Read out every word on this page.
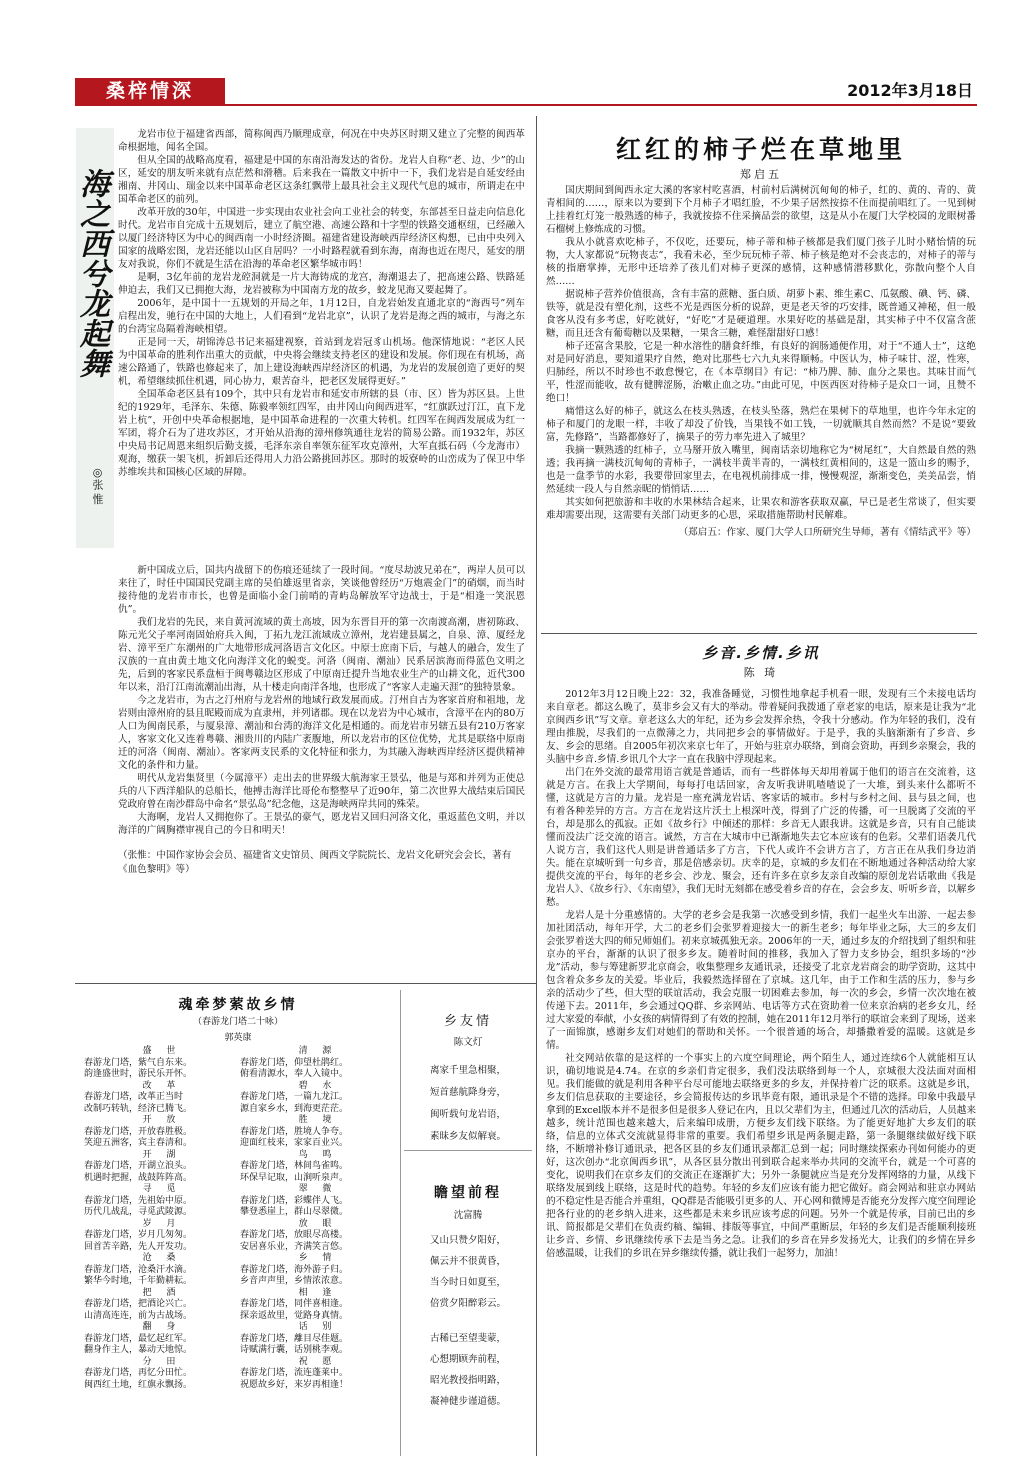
桑梓情深	2012年3月18日
海之西兮龙起舞
◎张 惟

龙岩市位于福建省西部，简称闽西乃顺理成章，何况在中央苏区时期又建立了完整的闽西革命根据地，闻名全国。

但从全国的战略高度看，福建是中国的东南沿海发达的省份。龙岩人自称“老、边、少”的山区，延安的朋友听来就有点茫然和滑稽。后来我在一篇散文中折中一下，我们龙岩是自延安经由湘南、井冈山、瑞金以来中国革命老区这条红飘带上最具社会主义现代气息的城市，所谓走在中国革命老区的前列。

改革开放的30年，中国进一步实现由农业社会向工业社会的转变，东部甚至日益走向信息化时代。龙岩市自完成十五规划后，建立了航空港、高速公路和十字型的铁路交通枢纽，已经融入以厦门经济特区为中心的闽西南一小时经济圈。福建省建设海峡西岸经济区构想，已由中央列入国家的战略宏图，龙岩还能以山区自居吗？一小时路程就看到东海，南海也近在咫尺，延安的朋友对我说，你们不就是生活在沿海的革命老区繁华城市吗！

是啊，3亿年前的龙岩龙硿洞就是一片大海铸成的龙宫，海潮退去了，把高速公路、铁路延伸迫去，我们又已拥抱大海，龙岩被称为中国南方龙的故乡，蛟龙见海又要起舞了。

2006年，是中国十一五规划的开局之年，1月12日，自龙岩始发直通北京的“海西号”列车启程出发，驰行在中国的大地上，人们看到“龙岩北京”，认识了龙岩是海之西的城市，与海之东的台湾宝岛隔着海峡相望。

正是同一天，胡锦涛总书记来福建视察，首站到龙岩冠豸山机场。他深情地说：“老区人民为中国革命的胜利作出重大的贡献，中央将会继续支持老区的建设和发展。你们现在有机场，高速公路通了，铁路也修起来了，加上建设海峡西岸经济区的机遇，为龙岩的发展创造了更好的契机，希望继续抓住机遇，同心协力，艰苦奋斗，把老区发展得更好。”

全国革命老区县有109个，其中只有龙岩市和延安市所辖的县（市、区）皆为苏区县。上世纪的1929年，毛泽东、朱德、陈毅率领红四军，由井冈山向闽西进军，“红旗跃过汀江，直下龙岩上杭”，开创中央革命根据地，是中国革命进程的一次重大转机。红四军在闽西发展成为红一军团，将介石为了进攻苏区，才开始从沿海的漳州修筑通往龙岩的简易公路。而1932年，苏区中央局书记周恩来组织后勤支援，毛泽东亲自率领东征军攻克漳州，大军直抵石码（今龙海市）观海，缴获一架飞机，折卸后还得用人力沿公路挑回苏区。那时的坂寮岭的山峦成为了保卫中华苏维埃共和国核心区域的屏障。

新中国成立后，国共内战留下的伤痕还延续了一段时间。“度尽劫波兄弟在”，两岸人员可以来往了，时任中国国民党副主席的吴伯雄返里省亲，笑谈他曾经历“万炮震金门”的硝烟，而当时接待他的龙岩市市长，也曾是面临小金门前哨的青屿岛解放军守边战士，于是“相逢一笑泯恩仇”。

我们龙岩的先民，来自黄河流域的黄土高坡，因为东晋目开的第一次南渡高潮，唐初陈政、陈元光父子率河南固始府兵入闽，丁拓九龙江流域成立漳州，龙岩建县属之，自泉、漳、厦经龙岩、漳平至广东潮州的广大地带形成河洛语言文化区。中原士庶南下后，与越人的融合，发生了汉族的一直由黄土地文化向海洋文化的蜕变。河洛（闽南、潮汕）民系居滨海而得蓝色文明之先，后到的客家民系盘桓于闽粤赣边区形成了中原南迁提升当地农业生产的山耕文化，近代300年以来，沿汀江南流潮汕出海，从十楼走向南洋各地，也形成了“客家人走遍天涯”的独特景象。

今之龙岩市，为古之汀州府与龙岩州的地域行政发展而成。汀州自古为客家首府和祖地，龙岩则由漳州府的县且昵殿而成为直隶州，并列诸郡。现在以龙岩为中心城市，含漳平在内的80万人口为闽南民系，与厦泉漳、潮汕和台湾的海洋文化是相通的。而龙岩市另辖五县有210万客家人，客家文化又连着粤赣、湘贵川的内陆广袤腹地，所以龙岩市的区位优势，尤其是联络中原南迁的河洛（闽南、潮汕）。客家两支民系的文化特征和张力，为其融入海峡西岸经济区提供精神文化的条件和力量。

明代从龙岩集贤里（今属漳平）走出去的世界级大航海家王景弘，他是与郑和并列为正使总兵的八下西洋船队的总船长，他搏击海洋比哥伦布整整早了近90年，第二次世界大战结束后国民党政府曾在南沙群岛中命名“景弘岛”纪念他，这是海峡两岸共同的殊荣。

大海啊，龙岩人又拥抱你了。王景弘的豪气，愿龙岩又回归河洛文化，重返蓝色文明，并以海洋的广阔胸襟审视自己的今日和明天！

（张惟：中国作家协会会员、福建省文史馆员、闽西文学院院长、龙岩文化研究会会长，著有《血色黎明》等）

红红的柿子烂在草地里
郑启五

国庆期间到闽西永定大溪的客家村吃喜酒，村前村后满树沉甸甸的柿子，红的、黄的、青的、黄青相间的……，原来以为要到下个月柿子才唱红脸，不少果子居然按捺不住而提前唱红了。一见到树上挂着红灯笼一般熟透的柿子，我就按捺不住采摘品尝的欲望，这是从小在厦门大学校园的龙眼树番石榴树上修炼成的习惯。

我从小就喜欢吃柿子，不仅吃，还要玩，柿子蒂和柿子核都是我们厦门孩子儿时小赌怡情的玩物，大人家都说“玩物丧志”，我看未必，至少玩玩柿子蒂、柿子核是绝对不会丧志的，对柿子的蒂与核的指磨掌捧，无形中还培养了孩儿们对柿子更深的感情，这种感情潜移默化，弥散向整个人自然……

据说柿子营养价值很高，含有丰富的蔗糖、蛋白质、胡萝卜素、维生素C、瓜氨酸、碘、钙、磷、铁等，就是没有塑化剂，这些不光是西医分析的说辞，更是老天爷的巧安排，既普通又神秘，但一般食客从没有多考虑，好吃就好，“好吃”才是硬道理。水果好吃的基础是甜，其实柿子中不仅富含蔗糖，而且还含有葡萄糖以及果糖，一果含三糖，难怪甜甜好口感！

柿子还富含果胶，它是一种水溶性的膳食纤维，有良好的润肠通便作用，对于“不通人士”，这绝对是同好消息，要知道果疗自然，绝对比那些七六九丸来得顺畅。中医认为，柿子味甘、涩，性寒，归肺经，所以不时珍也不敢怠慢它，在《本草纲目》有记：“柿乃脾、肺、血分之果也。其味甘而气平，性涩而能收，故有健脾涩肠，治嗽止血之功。”由此可见，中医西医对待柿子是众口一词，且赞不绝口！

痛惜这么好的柿子，就这么在枝头熟透，在枝头坠落，熟烂在果树下的草地里，也许今年永定的柿子和厦门的龙眼一样，丰收了却没了价钱，当果钱不如工钱，一切就顺其自然而然？不是说“要致富，先修路”，当路都修好了，摘果子的劳力率先进入了城里？

我摘一颗熟透的红柿子，立马掰开放入嘴里，闽南话亲切地称它为“树尾红”，大自然最自然的熟透；我再摘一满枝沉甸甸的青柿子，一满枝半黄半青的，一满枝红黄相间的，这是一篮山乡的赐予，也是一盘季节的水彩，我要带回家里去，在电视机前排成一排，慢慢观涩，渐渐变色，美美品尝，悄然延续一段人与自然亲昵的悄悄话……

其实如何把旅游和丰收的水果林结合起来，让果农和游客获取双赢，早已是老生常谈了，但实要难却需要出现，这需要有关部门动更多的心思，采取措施帮助村民解难。

（郑启五：作家、厦门大学人口所研究生导师，著有《情结武平》等）

乡音.乡情.乡讯
陈 琦

2012年3月12日晚上22：32，我准备睡觉，习惯性地拿起手机看一眼，发现有三个未接电话均来自章老。都这么晚了，莫非乡会又有大的举动。带着疑问我拨通了章老家的电话，原来是让我为“北京闽西乡讯”写文章。章老这么大的年纪，还为乡会发挥余热，令我十分感动。作为年轻的我们，没有理由推脱，尽我们的一点微薄之力，共同把乡会的事情做好。于是乎，我的头脑渐渐有了乡音、乡友、乡会的思绪。自2005年初次来京七年了，开始与驻京办联络，到商会资助，再到乡亲聚会，我的头脑中乡音.乡情.乡讯几个大字一直在我脑中浮现起来。

出门在外交流的最常用语言就是普通话，而有一些群体每天却用着属于他们的语言在交流着，这就是方言。在我上大学期间，每每打电话回家，舍友听我讲叽喳喳说了一大堆，到头来什么都听不懂，这就是方言的力量。龙岩是一座充满龙岩话、客家话的城市。乡村与乡村之间、县与县之间，也有着各种差异的方言。方言在龙岩这片沃土上根深叶茂，得到了广泛的传播，可一旦脱离了交流的平台，却是那么的孤寂。正如《故乡行》中倾述的那样：乡音无人跟我讲。这就是乡音，只有自己能读懂而没法广泛交流的语言。诚然，方言在大城市中已渐渐地失去它本应该有的色彩。父辈们语袭几代人说方言，我们这代人则是讲普通话多了方言，下代人或许不会讲方言了，方言正在从我们身边消失。能在京城听到一句乡音，那是倍感亲切。庆幸的是，京城的乡友们在不断地通过各种活动给大家提供交流的平台，每年的老乡会、沙龙、聚会，还有许多在京乡友亲自改编的原创龙岩话歌曲《我是龙岩人》、《故乡行》、《东南望》，我们无时无刻都在感受着乡音的存在，会会乡友、听听乡音，以解乡愁。

龙岩人是十分重感情的。大学的老乡会是我第一次感受到乡情，我们一起坐火车出游、一起去参加社团活动，每年开学，大二的老乡们会张罗着迎接大一的新生老乡；每年毕业之际，大三的乡友们会张罗着送大四的师兄师姐们。初来京城孤独无亲。2006年的一天，通过乡友的介绍找到了组织和驻京办的平台，渐渐的认识了很多乡友。随着时间的推移，我加入了智力支乡协会，组织多场的“沙龙”活动，参与筹建新罗北京商会，收集整理乡友通讯录，还接受了北京龙岩商会的助学资助，这其中包含着众多乡友的关爱。毕业后，我毅然选择留在了京城。这几年，由于工作和生活的压力，参与乡亲的活动少了些，但大型的联谊活动，我会克服一切困难去参加，每一次的乡会，乡情一次次地在被传递下去。2011年，乡会通过QQ群、乡亲网站、电话等方式在资助着一位来京治病的老乡女儿，经过大家爱的奉献，小女孩的病情得到了有效的控制，她在2011年12月举行的联谊会来到了现场，送来了一面锦旗，感谢乡友们对她们的帮助和关怀。一个很普通的场合，却播撒着爱的温暖。这就是乡情。

社交网站依靠的是这样的一个事实上的六度空间理论，两个陌生人，通过连续6个人就能相互认识，确切地说是4.74。在京的乡亲们肯定很多，我们没法联络到每一个人，京城很大没法面对面相见。我们能做的就是利用各种平台尽可能地去联络更多的乡友，并保持着广泛的联系。这就是乡讯，乡友们信息获取的主要途径，乡会简报传达的乡讯毕竟有限，通讯录是个不错的选择。印象中我最早拿到的Excel版本并不是很多但是很多人登记在内，且以父辈们为主，但通过几次的活动后，人员越来越多，统计范围也越来越大，后来编印成册，方便乡友们线下联络。为了能更好地扩大乡友们的联络，信息的立体式交流就显得非常的重要。我们希望乡讯是两条腿走路，第一条腿继续做好线下联络，不断增补修订通讯录，把各区县的乡友们通讯录都汇总到一起；同时继续探索办刊如何能办的更好，这次创办“北京闽西乡讯”，从各区县分散出刊到联合起来举办共同的交流平台，就是一个可喜的变化，说明我们在京乡友们的交流正在逐渐扩大；另外一条腿就应当是充分发挥网络的力量，从线下联络发展到线上联络，这是时代的趋势。年轻的乡友们应该有能力把它做好。商会网站和驻京办网站的不稳定性是否能合并重组，QQ群是否能吸引更多的人、开心网和微博是否能充分发挥六度空间理论把各行业的的老乡纳入进来，这些都是未来乡讯应该考虑的问题。另外一个就是传承，目前已出的乡讯、简报都是父辈们在负责约稿、编辑、排版等事宜，中间严重断层，年轻的乡友们是否能顺利接班让乡音、乡情、乡讯继续传承下去是当务之急。让我们的乡音在异乡发扬光大，让我们的乡情在异乡倍感温暖，让我们的乡讯在异乡继续传播，就让我们一起努力，加油！

魂牵梦萦故乡情
（春游龙门塔二十咏）
郭英康
盛 世
春游龙门塔，紫气自东来。
韵逢盛世时，游民乐开怀。
清 源
春游龙门塔，仰望杜鹃红。
俯看清源水，奉人入镜中。
改 革
春游龙门塔，改革正当时
改制巧转轨，经济已腾飞。
碧 水
春游龙门塔，一篇九龙江。
源自家乡水，到海更茫茫。
开 放
春游龙门塔，开放春胜极。
笑迎五洲客，宾主春清和。
胜 境
春游龙门塔，胜境人争夸。
迎面红枝来，家家百业兴。
开 湖
春游龙门塔，开湖立浪头。
机遇时把握，战鼓阵阵高。
鸟 鸣
春游龙门塔，林间鸟雀鸣。
环保早记取，山涧听泉声。
寻 觅
春游龙门塔，先祖始中原。
历代几战乱，寻觅武陵源。
翠 微
春游龙门塔，彩蝶伴人飞。
攀登悉崖上，群山尽翠微。
岁 月
春游龙门塔，岁月几匆匆。
回首苦辛路，先人开发功。
放 眼
春游龙门塔，放眼尽高楼。
安居喜乐业，齐满笑言悠。
沧 桑
春游龙门塔，沧桑汗水滴。
繁华今时地，千年勤耕耘。
乡 情
春游龙门塔，海外游子归。
乡音声声里，乡情浓浓意。
把 酒
春游龙门塔，把酒论兴亡。
山清高连连，前为古战场。
相 逢
春游龙门塔，同伴喜相逢。
探亲返故里，觉路身真情。
翻 身
春游龙门塔，最忆起红军。
翻身作主人，暴动天地惊。
话 别
春游龙门塔，離目尽佳题。
诗赋满行囊，话别桃李观。
分 田
春游龙门塔，再忆分田忙。
闽西红土地，红旗永飘扬。
祝 愿
春游龙门塔，流连蓬莱中。
祝愿故乡好，来岁再相逢！
乡友情
陈文灯
离家千里急相聚，
短首慈航降身旁，
闽听载句龙岩语，
素昧乡友似解衰。
瞻望前程
沈富腾
又山只赞夕阳好，
佩云并不很黄昏，
当今时日如夏至，
倍赏夕阳醉彩云。
古稀已至望斐蒙，
心想期顾奔前程，
昭光教授指明路，
凝神健步谨道德。
